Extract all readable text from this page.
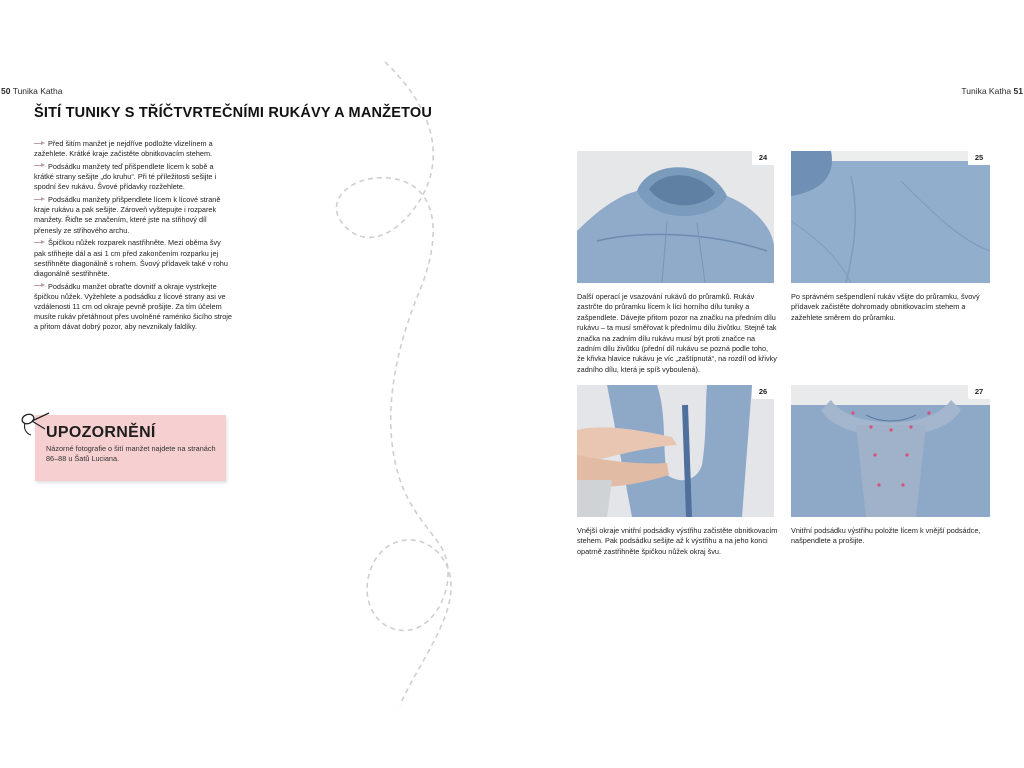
50 Tunika Katha
ŠITÍ TUNIKY S TŘÍČTVRTEČNÍMI RUKÁVY A MANŽETOU

Před šitím manžet je nejdříve podložte vlizelínem a zažehlete. Krátké kraje začistěte obnitkovacím stehem.

Podsádku manžety teď přišpendlete lícem k sobě a krátké strany sešijte „do kruhu“. Při té příležitosti sešijte i spodní šev rukávu. Švové přídavky rozžehlete.

Podsádku manžety přišpendlete lícem k lícové straně kraje rukávu a pak sešijte. Zároveň vyštepujte i rozparek manžety. Řiďte se značením, které jste na střihový díl přenesly ze střihového archu.

Špičkou nůžek rozparek nastřihněte. Mezi oběma švy pak střihejte dál a asi 1 cm před zakončením rozparku jej sestřihněte diagonálně s rohem. Švový přídavek také v rohu diagonálně sestřihněte.

Podsádku manžet obraťte dovnitř a okraje vystrkejte špičkou nůžek. Vyžehlete a podsádku z lícové strany asi ve vzdálenosti 11 cm od okraje pevně prošijte. Za tím účelem musíte rukáv přetáhnout přes uvolněné raménko šicího stroje a přitom dávat dobrý pozor, aby nevznikaly faldíky.

UPOZORNĚNÍ
Názorné fotografie o šití manžet najdete na stranách 86–88 u Šatů Luciana.
Tunika Katha 51
24
Další operací je vsazování rukávů do průramků. Rukáv zastrčte do průramku lícem k líci horního dílu tuniky a zašpendlete. Dávejte přitom pozor na značku na předním dílu rukávu – ta musí směřovat k přednímu dílu živůtku. Stejně tak značka na zadním dílu rukávu musí být proti značce na zadním dílu živůtku (přední díl rukávu se pozná podle toho, že křivka hlavice rukávu je víc „zaštípnutá“, na rozdíl od křivky zadního dílu, která je spíš vyboulená).
25
Po správném sešpendlení rukáv všijte do průramku, švový přídavek začistěte dohromady obnitkovacím stehem a zažehlete směrem do průramku.
26
Vnější okraje vnitřní podsádky výstřihu začistěte obnitkovacím stehem. Pak podsádku sešijte až k výstřihu a na jeho konci opatrně zastřihněte špičkou nůžek okraj švu.
27
Vnitřní podsádku výstřihu položte lícem k vnější podsádce, našpendlete a prošijte.
